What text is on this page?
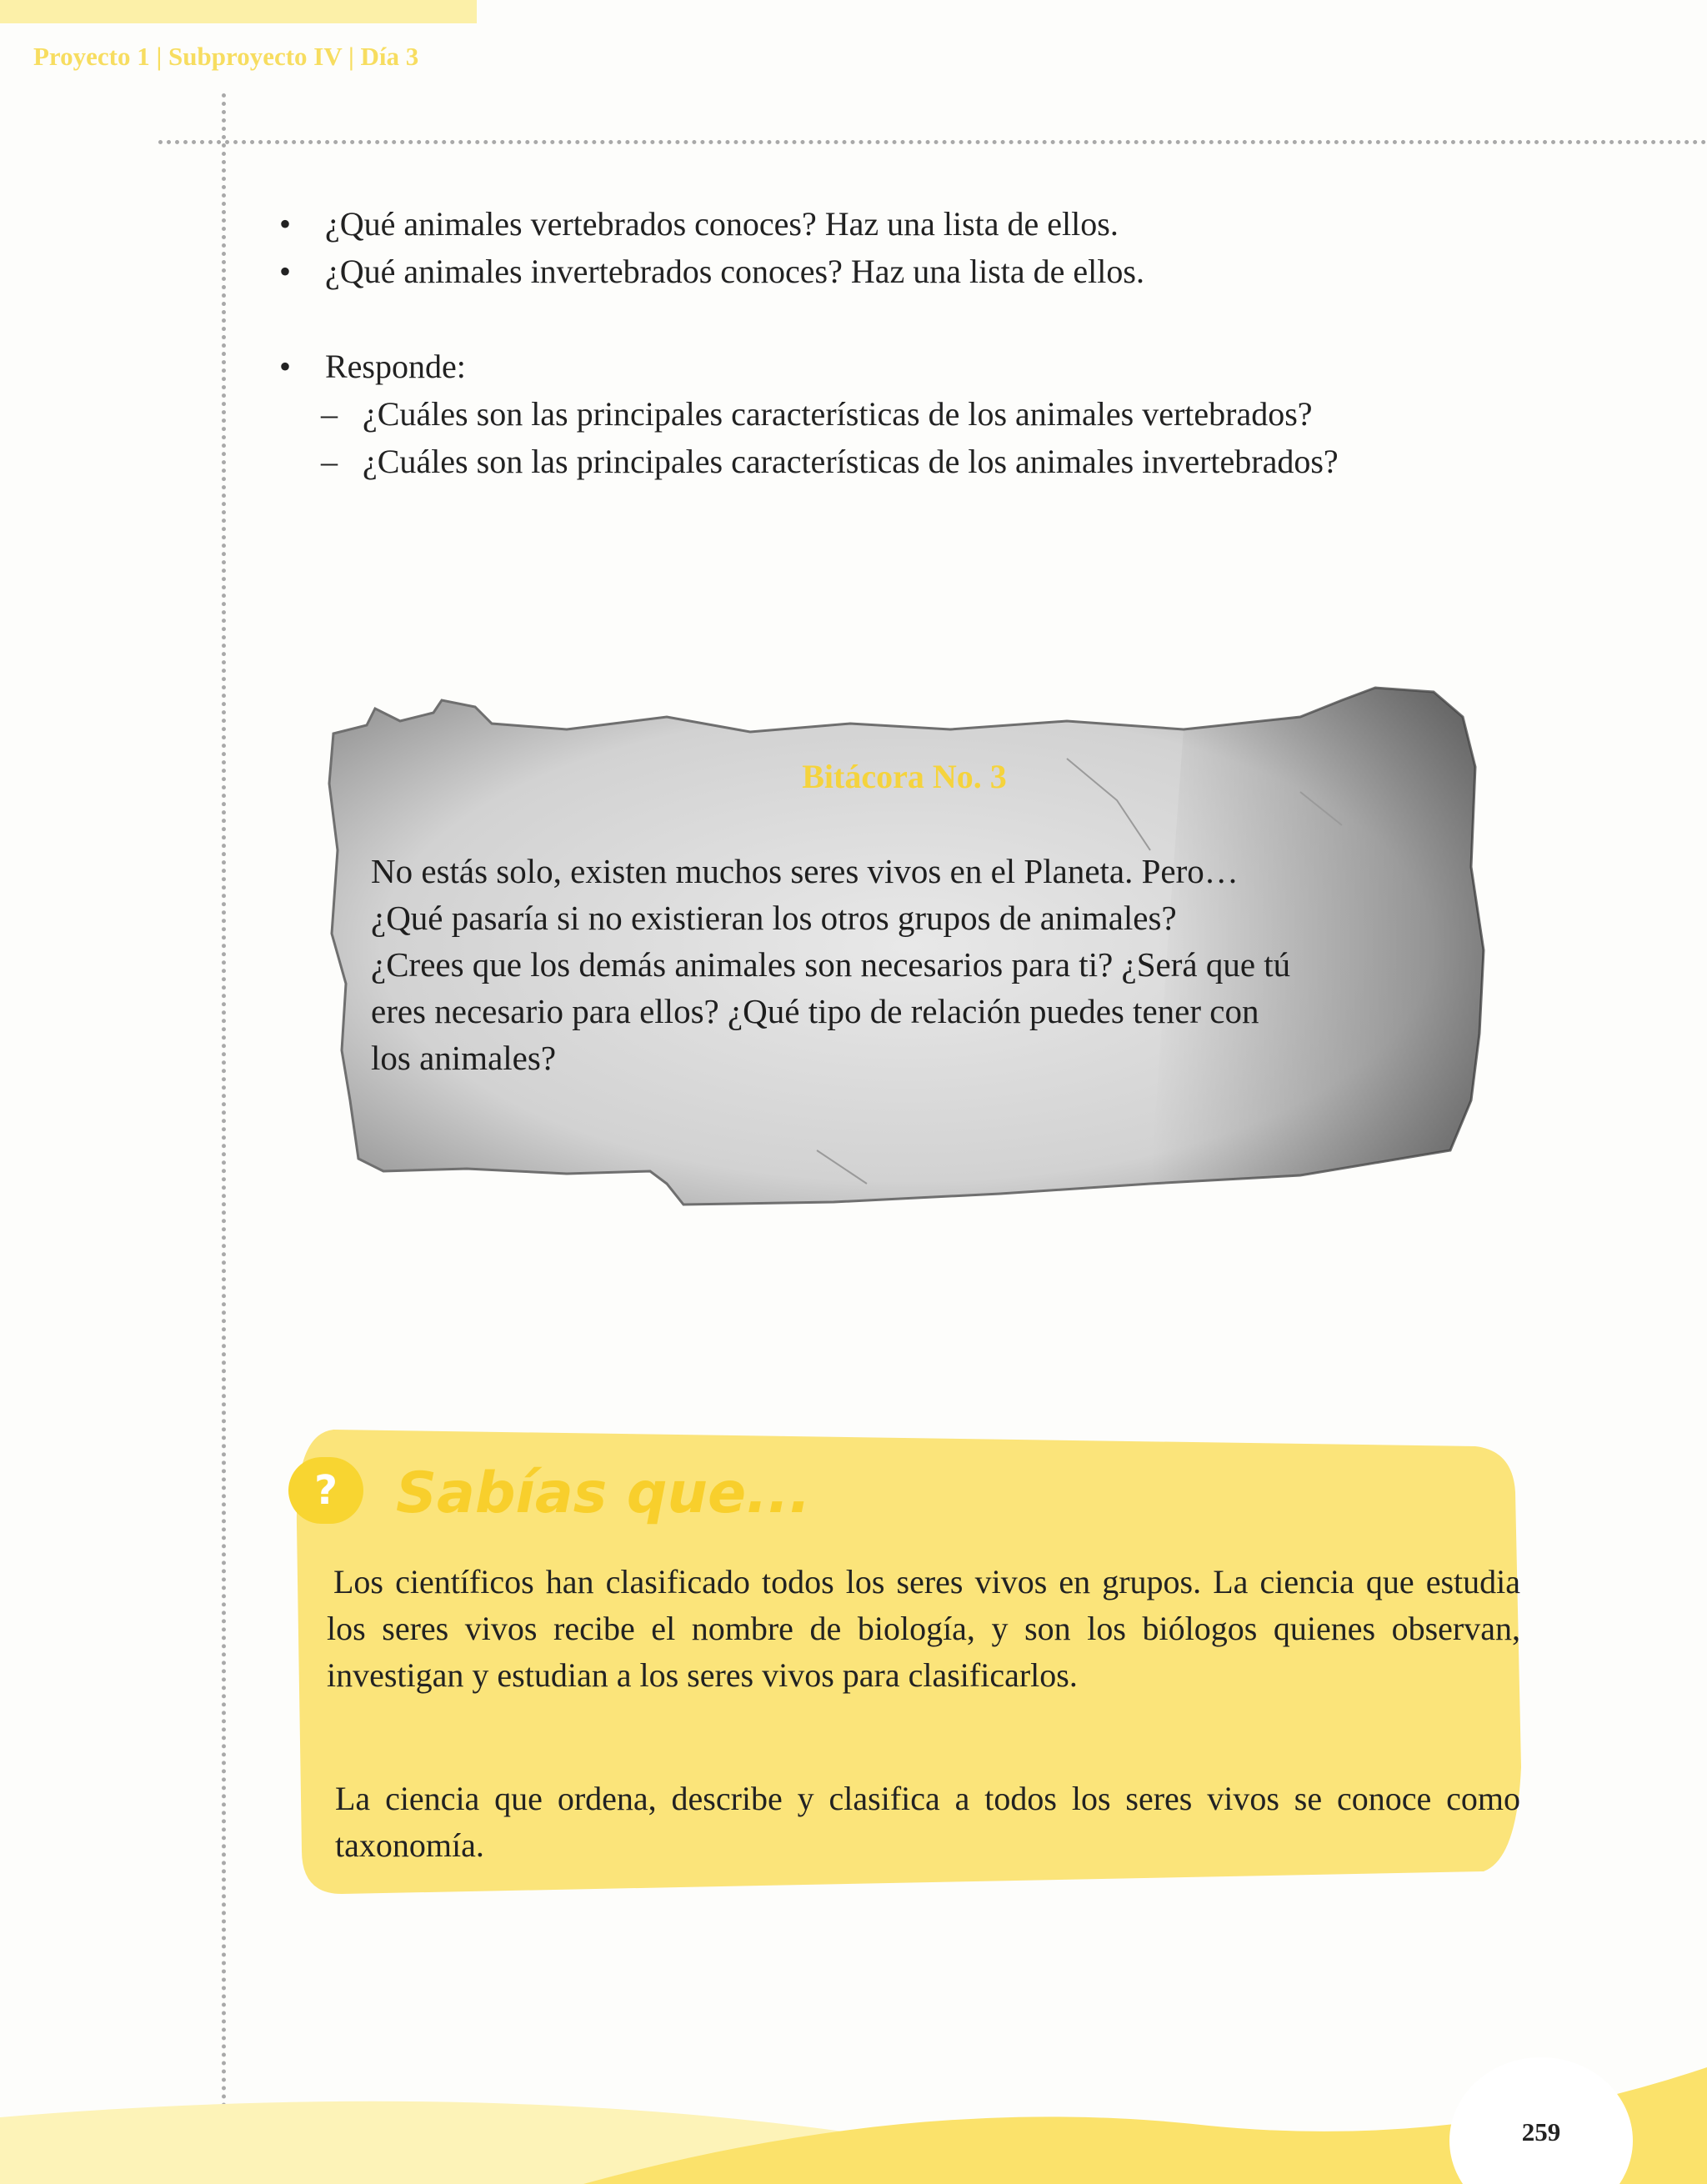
Proyecto 1 | Subproyecto IV | Día 3
•	¿Qué animales vertebrados conoces? Haz una lista de ellos.
•	¿Qué animales invertebrados conoces? Haz una lista de ellos.
•	Responde:
– ¿Cuáles son las principales características de los animales vertebrados?
– ¿Cuáles son las principales características de los animales invertebrados?
Bitácora No. 3
No estás solo, existen muchos seres vivos en el Planeta. Pero…
¿Qué pasaría si no existieran los otros grupos de animales?
¿Crees que los demás animales son necesarios para ti? ¿Será que tú
eres necesario para ellos? ¿Qué tipo de relación puedes tener con
los animales?
?	Sabías que...
Los científicos han clasificado todos los seres vivos en grupos. La ciencia que estudia los seres vivos recibe el nombre de biología, y son los biólogos quienes observan, investigan y estudian a los seres vivos para clasificarlos.
La ciencia que ordena, describe y clasifica a todos los seres vivos se conoce como taxonomía.
259
